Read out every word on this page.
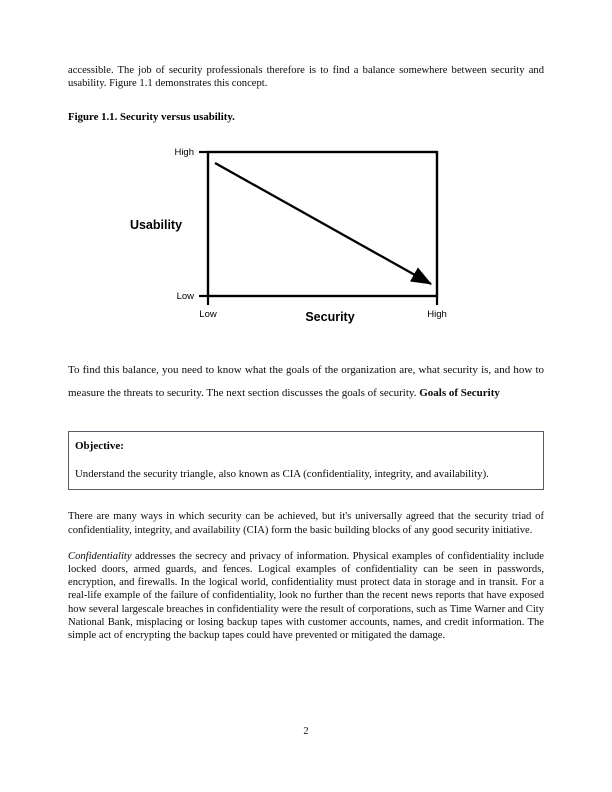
accessible. The job of security professionals therefore is to find a balance somewhere between security and usability. Figure 1.1 demonstrates this concept.

Figure 1.1. Security versus usability.

High
Low
Low	High
Usability
Security

To find this balance, you need to know what the goals of the organization are, what security is, and how to measure the threats to security. The next section discusses the goals of security. Goals of Security

Objective:

Understand the security triangle, also known as CIA (confidentiality, integrity, and availability).

There are many ways in which security can be achieved, but it's universally agreed that the security triad of confidentiality, integrity, and availability (CIA) form the basic building blocks of any good security initiative.

Confidentiality addresses the secrecy and privacy of information. Physical examples of confidentiality include locked doors, armed guards, and fences. Logical examples of confidentiality can be seen in passwords, encryption, and firewalls. In the logical world, confidentiality must protect data in storage and in transit. For a real-life example of the failure of confidentiality, look no further than the recent news reports that have exposed how several largescale breaches in confidentiality were the result of corporations, such as Time Warner and City National Bank, misplacing or losing backup tapes with customer accounts, names, and credit information. The simple act of encrypting the backup tapes could have prevented or mitigated the damage.

2
